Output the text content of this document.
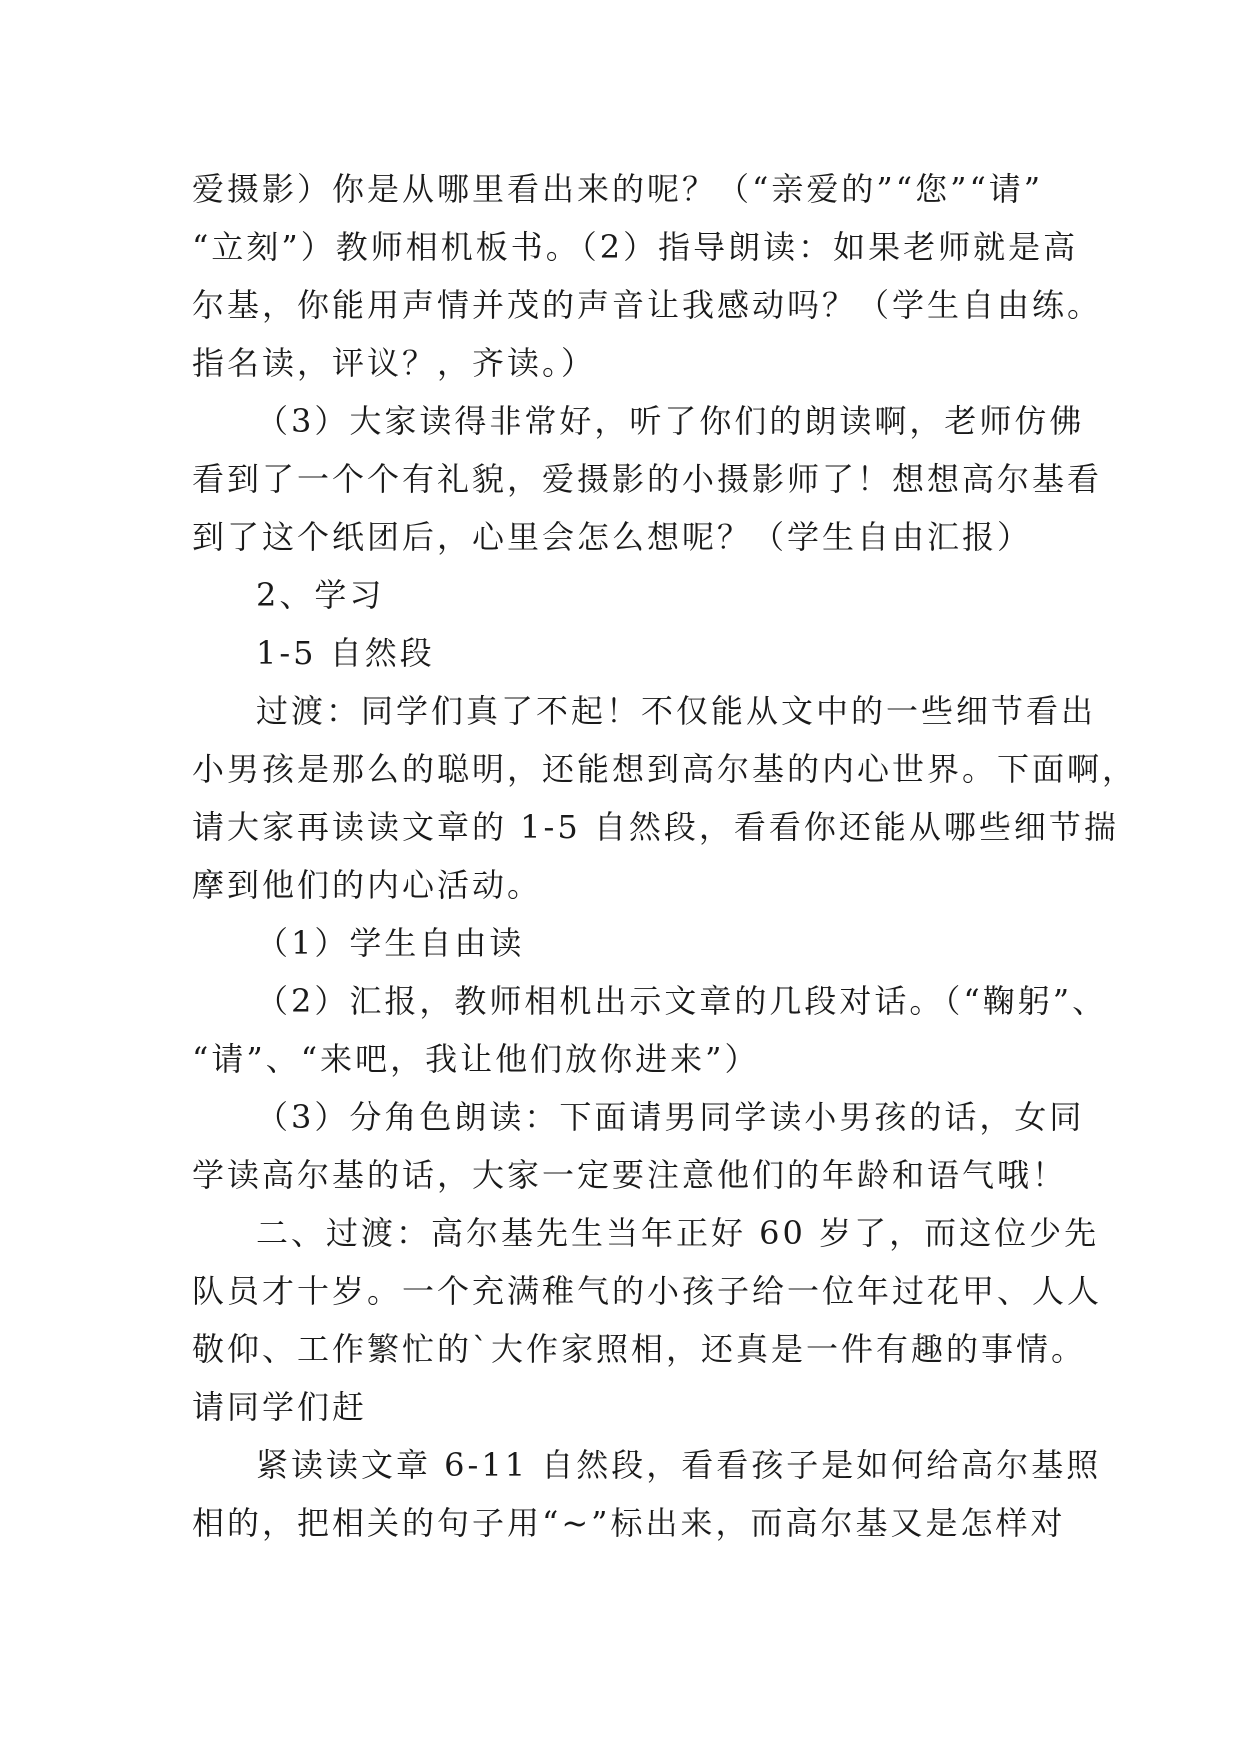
爱摄影）你是从哪里看出来的呢？（“亲爱的”“您”“请”
“立刻”）教师相机板书。（2）指导朗读：如果老师就是高
尔基，你能用声情并茂的声音让我感动吗？（学生自由练。
指名读，评议？，齐读。）
（3）大家读得非常好，听了你们的朗读啊，老师仿佛
看到了一个个有礼貌，爱摄影的小摄影师了！想想高尔基看
到了这个纸团后，心里会怎么想呢？（学生自由汇报）
2、学习
1-5 自然段
过渡：同学们真了不起！不仅能从文中的一些细节看出
小男孩是那么的聪明，还能想到高尔基的内心世界。下面啊，
请大家再读读文章的 1-5 自然段，看看你还能从哪些细节揣
摩到他们的内心活动。
（1）学生自由读
（2）汇报，教师相机出示文章的几段对话。（“鞠躬”、
“请”、“来吧，我让他们放你进来”）
（3）分角色朗读：下面请男同学读小男孩的话，女同
学读高尔基的话，大家一定要注意他们的年龄和语气哦！
二、过渡：高尔基先生当年正好 60 岁了，而这位少先
队员才十岁。一个充满稚气的小孩子给一位年过花甲、人人
敬仰、工作繁忙的`大作家照相，还真是一件有趣的事情。
请同学们赶
紧读读文章 6-11 自然段，看看孩子是如何给高尔基照
相的，把相关的句子用“~”标出来，而高尔基又是怎样对
